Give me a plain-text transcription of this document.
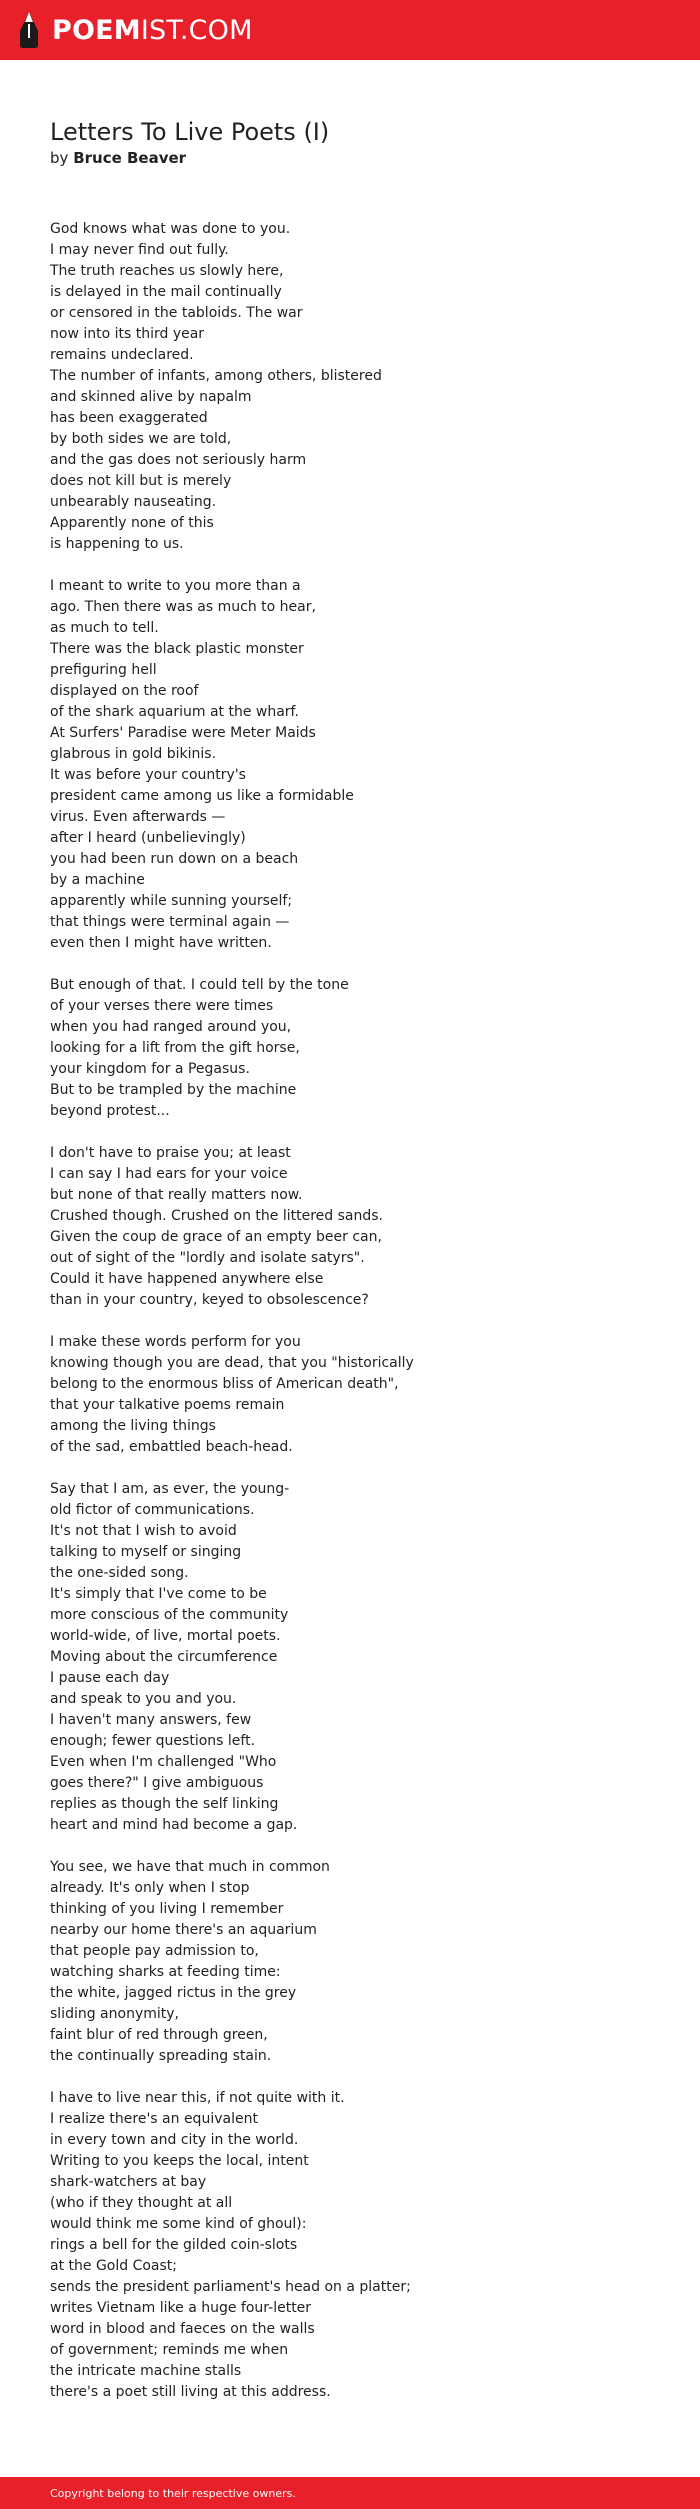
POEMIST.COM
Letters To Live Poets (I)
by Bruce Beaver
God knows what was done to you.
I may never find out fully.
The truth reaches us slowly here,
is delayed in the mail continually
or censored in the tabloids. The war
now into its third year
remains undeclared.
The number of infants, among others, blistered
and skinned alive by napalm
has been exaggerated
by both sides we are told,
and the gas does not seriously harm
does not kill but is merely
unbearably nauseating.
Apparently none of this
is happening to us.
I meant to write to you more than a
ago. Then there was as much to hear,
as much to tell.
There was the black plastic monster
prefiguring hell
displayed on the roof
of the shark aquarium at the wharf.
At Surfers' Paradise were Meter Maids
glabrous in gold bikinis.
It was before your country's
president came among us like a formidable
virus. Even afterwards —
after I heard (unbelievingly)
you had been run down on a beach
by a machine
apparently while sunning yourself;
that things were terminal again —
even then I might have written.
But enough of that. I could tell by the tone
of your verses there were times
when you had ranged around you,
looking for a lift from the gift horse,
your kingdom for a Pegasus.
But to be trampled by the machine
beyond protest...
I don't have to praise you; at least
I can say I had ears for your voice
but none of that really matters now.
Crushed though. Crushed on the littered sands.
Given the coup de grace of an empty beer can,
out of sight of the "lordly and isolate satyrs".
Could it have happened anywhere else
than in your country, keyed to obsolescence?
I make these words perform for you
knowing though you are dead, that you "historically
belong to the enormous bliss of American death",
that your talkative poems remain
among the living things
of the sad, embattled beach-head.
Say that I am, as ever, the young-
old fictor of communications.
It's not that I wish to avoid
talking to myself or singing
the one-sided song.
It's simply that I've come to be
more conscious of the community
world-wide, of live, mortal poets.
Moving about the circumference
I pause each day
and speak to you and you.
I haven't many answers, few
enough; fewer questions left.
Even when I'm challenged "Who
goes there?" I give ambiguous
replies as though the self linking
heart and mind had become a gap.
You see, we have that much in common
already. It's only when I stop
thinking of you living I remember
nearby our home there's an aquarium
that people pay admission to,
watching sharks at feeding time:
the white, jagged rictus in the grey
sliding anonymity,
faint blur of red through green,
the continually spreading stain.
I have to live near this, if not quite with it.
I realize there's an equivalent
in every town and city in the world.
Writing to you keeps the local, intent
shark-watchers at bay
(who if they thought at all
would think me some kind of ghoul):
rings a bell for the gilded coin-slots
at the Gold Coast;
sends the president parliament's head on a platter;
writes Vietnam like a huge four-letter
word in blood and faeces on the walls
of government; reminds me when
the intricate machine stalls
there's a poet still living at this address.
Copyright belong to their respective owners.
